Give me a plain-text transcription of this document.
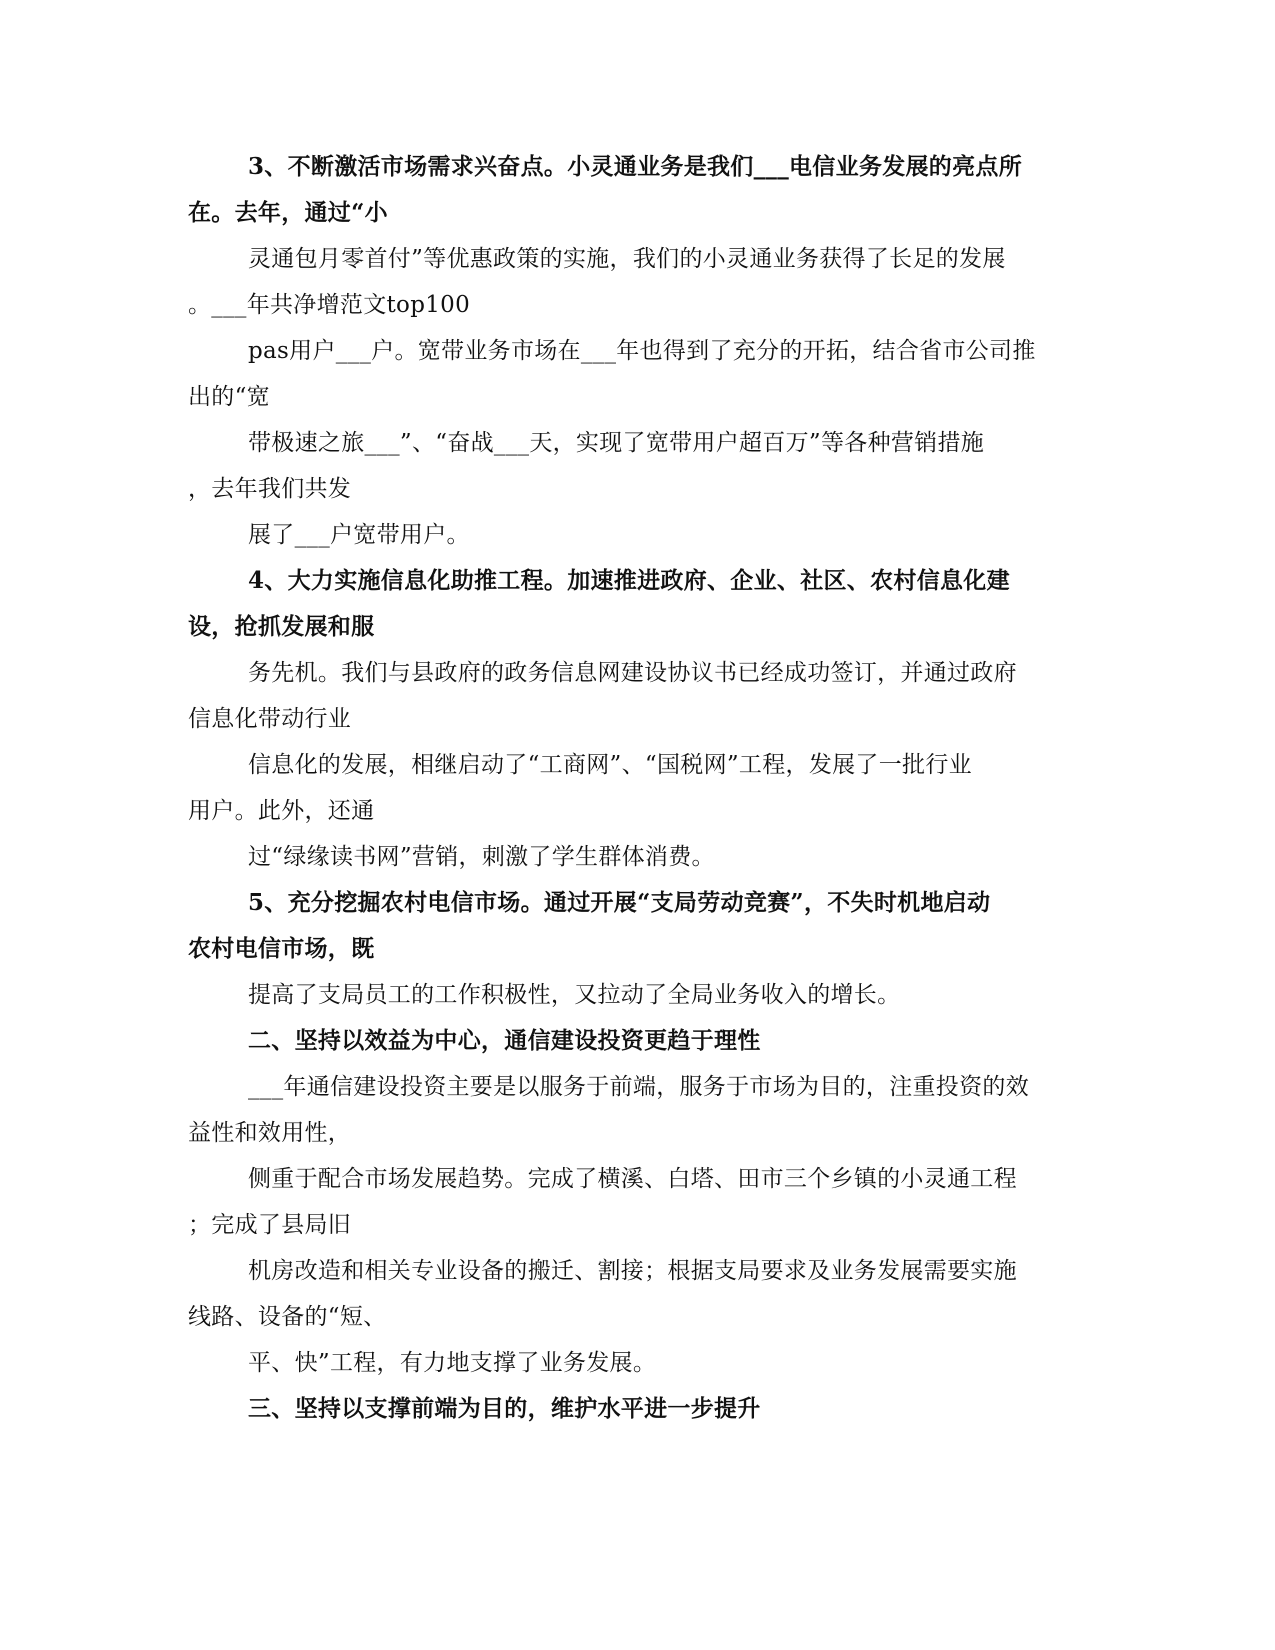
3、不断激活市场需求兴奋点。小灵通业务是我们___电信业务发展的亮点所

在。去年，通过“小

灵通包月零首付”等优惠政策的实施，我们的小灵通业务获得了长足的发展

。___年共净增范文top100

pas用户___户。宽带业务市场在___年也得到了充分的开拓，结合省市公司推

出的“宽

带极速之旅___”、“奋战___天，实现了宽带用户超百万”等各种营销措施

，去年我们共发

展了___户宽带用户。

4、大力实施信息化助推工程。加速推进政府、企业、社区、农村信息化建

设，抢抓发展和服

务先机。我们与县政府的政务信息网建设协议书已经成功签订，并通过政府

信息化带动行业

信息化的发展，相继启动了“工商网”、“国税网”工程，发展了一批行业

用户。此外，还通

过“绿缘读书网”营销，刺激了学生群体消费。

5、充分挖掘农村电信市场。通过开展“支局劳动竞赛”，不失时机地启动

农村电信市场，既

提高了支局员工的工作积极性，又拉动了全局业务收入的增长。

二、坚持以效益为中心，通信建设投资更趋于理性

___年通信建设投资主要是以服务于前端，服务于市场为目的，注重投资的效

益性和效用性，

侧重于配合市场发展趋势。完成了横溪、白塔、田市三个乡镇的小灵通工程

；完成了县局旧

机房改造和相关专业设备的搬迁、割接；根据支局要求及业务发展需要实施

线路、设备的“短、

平、快”工程，有力地支撑了业务发展。

三、坚持以支撑前端为目的，维护水平进一步提升
